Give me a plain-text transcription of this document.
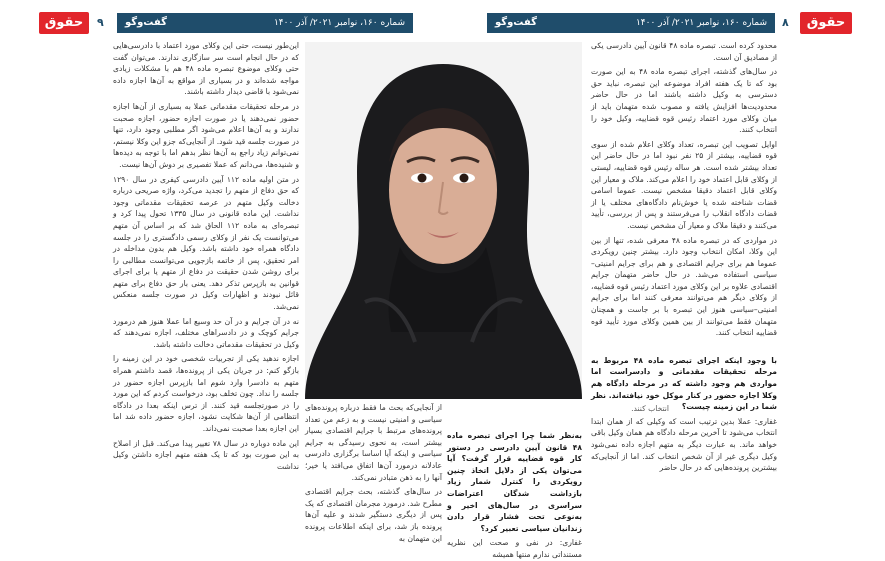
حقوق ما
۹ گفت‌وگو	شماره ۱۶۰، نوامبر ۲۰۲۱/ آذر ۱۴۰۰	گفت‌وگو	شماره ۱۶۰، نوامبر ۲۰۲۱/ آذر ۱۴۰۰ ۸	حقوق ما

این‌طور نیست، حتی این وکلای مورد اعتماد با دادرسی‌هایی که در حال انجام است سر سازگاری ندارند. می‌توان گفت حتی وکلای موضوع تبصره ماده ۴۸ هم با مشکلات زیادی مواجه شده‌اند و در بسیاری از مواقع به آن‌ها اجازه داده نمی‌شود با قاضی دیدار داشته باشند.

در مرحله تحقیقات مقدماتی عملا به بسیاری از آن‌ها اجازه حضور نمی‌دهند یا در صورت اجازه حضور، اجازه صحبت ندارند و به آن‌ها اعلام می‌شود اگر مطلبی وجود دارد، تنها در صورت جلسه قید شود. از آنجایی‌که جزو این وکلا نیستم، نمی‌توانم زیاد راجع به آن‌ها نظر بدهم اما با توجه به دیده‌ها و شنیده‌ها، می‌دانم که عملا تفصیری بر دوش آن‌ها نیست.

در متن اولیه ماده ۱۱۲ آیین دادرسی کیفری در سال ۱۲۹۰ که حق دفاع از متهم را تجدید می‌کرد، واژه صریحی درباره دخالت وکیل متهم در عرصه تحقیقات مقدماتی وجود نداشت. این ماده قانونی در سال ۱۳۳۵ تحول پیدا کرد و تبصره‌ای به ماده ۱۱۲ الحاق شد که بر اساس آن متهم می‌توانست یک نفر از وکلای رسمی دادگستری را در جلسه دادگاه همراه خود داشته باشد. وکیل هم بدون مداخله در امر تحقیق، پس از خاتمه بازجویی می‌توانست مطالبی را برای روشن شدن حقیقت در دفاع از متهم یا برای اجرای قوانین به بازپرس تذکر دهد. یعنی بار حق دفاع برای متهم قائل نبودند و اظهارات وکیل در صورت جلسه منعکس نمی‌شد.

نه در آن جرایم و در آن حد وسیع اما عملا هنوز هم درمورد جرایم کوچک و در دادسراهای مختلف، اجازه نمی‌دهند که وکیل در تحقیقات مقدماتی دخالت داشته باشد.

اجازه ندهید یکی از تجربیات شخصی خود در این زمینه را بازگو کنم: در جریان یکی از پرونده‌ها، قصد داشتم همراه متهم به دادسرا وارد شوم اما بازپرس اجازه حضور در جلسه را نداد. چون تخلف بود، درخواست کردم که این مورد را در صورتجلسه قید کنند. از ترس اینکه بعدا در دادگاه انتظامی از آن‌ها شکایت نشود، اجازه حضور داده شد اما این اجازه بعدا صحبت نمی‌داند.

این ماده دوباره در سال ۷۸ تغییر پیدا می‌کند. قبل از اصلاح به این صورت بود که تا یک هفته متهم اجازه داشتن وکیل نداشت

از آنجایی‌که بحث ما فقط درباره پرونده‌های سیاسی و امنیتی نیست و به زعم من تعداد پرونده‌های مرتبط با جرایم اقتصادی بسیار بیشتر است، به نحوی رسیدگی به جرایم سیاسی و اینکه آیا اساسا برگزاری دادرسی عادلانه درمورد آن‌ها اتفاق می‌افتد یا خیر؛ آنها را به ذهن متبادر نمی‌کند.

در سال‌های گذشته، بحث جرایم اقتصادی مطرح شد. درمورد مجرمان اقتصادی که یک پس از دیگری دستگیر شدند و علیه آن‌ها پرونده باز شد، برای اینکه اطلاعات پرونده این متهمان به

به‌نظر شما چرا اجرای تبصره ماده ۴۸ قانون آیین دادرسی در دستور کار قوه قضاییه قرار گرفت؟ آیا می‌توان یکی از دلایل اتخاذ چنین رویکردی را کنترل شمار زیاد بازداشت شدگان اعتراضات سراسری در سال‌های اخیر و به‌نوعی تحت فشار قرار دادن زندانیان سیاسی تعبیر کرد؟

غفاری: در نفی و صحت این نظریه مستنداتی ندارم منتها همیشه

انتخاب کنند.

محدود کرده است. تبصره ماده ۴۸ قانون آیین دادرسی یکی از مصادیق آن است.

در سال‌های گذشته، اجرای تبصره ماده ۴۸ به این صورت بود که تا یک هفته افراد موضوعه این تبصره، نباید حق دسترسی به وکیل داشته باشند اما در حال حاضر محدودیت‌ها افزایش یافته و مصوب شده متهمان باید از میان وکلای مورد اعتماد رئیس قوه قضاییه، وکیل خود را انتخاب کنند.

اوایل تصویب این تبصره، تعداد وکلای اعلام شده از سوی قوه قضاییه، بیشتر از ۲۵ نفر نبود اما در حال حاضر این تعداد بیشتر شده است. هر ساله رئیس قوه قضاییه، لیستی از وکلای قابل اعتماد خود را اعلام می‌کند. ملاک و معیار این وکلای قابل اعتماد دقیقا مشخص نیست. عموما اسامی قضات شناخته شده یا خوش‌نام دادگاه‌های مختلف یا از قضات دادگاه انقلاب را می‌فرستند و پس از بررسی، تأیید می‌کنند و دقیقا ملاک و معیار آن مشخص نیست.

در مواردی که در تبصره ماده ۴۸ معرفی شده، تنها از بین این وکلا، امکان انتخاب وجود دارد. بیشتر چنین رویکردی عموما هم برای جرایم اقتصادی و هم برای جرایم امنیتی–سیاسی استفاده می‌شد. در حال حاضر متهمان جرایم اقتصادی علاوه بر این وکلای مورد اعتماد رئیس قوه قضاییه، از وکلای دیگر هم می‌توانند معرفی کنند اما برای جرایم امنیتی–سیاسی هنوز این تبصره با بر جاست و همچنان متهمان فقط می‌توانند از بین همین وکلای مورد تأیید قوه قضاییه انتخاب کنند.

با وجود اینکه اجرای تبصره ماده ۴۸ مربوط به مرحله تحقیقات مقدماتی و دادسراست اما مواردی هم وجود داشته که در مرحله دادگاه هم وکلا اجازه حضور در کنار موکل خود نیافته‌اند. نظر شما در این زمینه چیست؟

غفاری: عملا بدین ترتیب است که وکیلی که از همان ابتدا انتخاب می‌شود تا آخرین مرحله دادگاه هم همان وکیل باقی خواهد ماند. به عبارت دیگر به متهم اجازه داده نمی‌شود وکیل دیگری غیر از آن شخص انتخاب کند. اما از آنجایی‌که بیشترین پرونده‌هایی که در حال حاضر
